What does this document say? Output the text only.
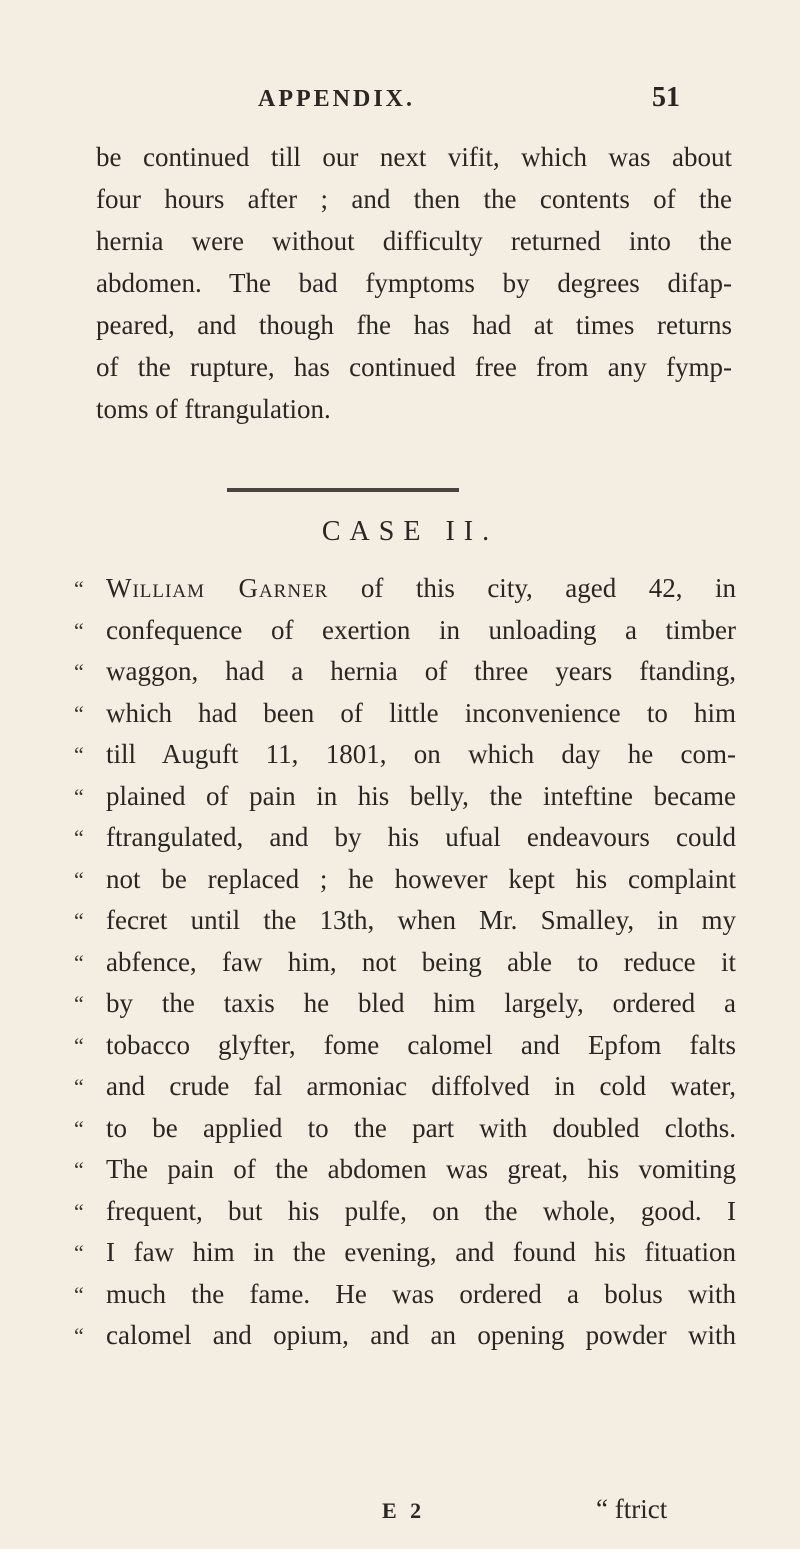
APPENDIX.	51
be continued till our next vifit, which was about
four hours after ; and then the contents of the
hernia were without difficulty returned into the
abdomen. The bad fymptoms by degrees difap-
peared, and though fhe has had at times returns
of the rupture, has continued free from any fymp-
toms of ftrangulation.
CASE II.
“ William Garner of this city, aged 42, in
“ confequence of exertion in unloading a timber
“ waggon, had a hernia of three years ftanding,
“ which had been of little inconvenience to him
“ till Auguft 11, 1801, on which day he com-
“ plained of pain in his belly, the inteftine became
“ ftrangulated, and by his ufual endeavours could
“ not be replaced ; he however kept his complaint
“ fecret until the 13th, when Mr. Smalley, in my
“ abfence, faw him, not being able to reduce it
“ by the taxis he bled him largely, ordered a
“ tobacco glyfter, fome calomel and Epfom falts
“ and crude fal armoniac diffolved in cold water,
“ to be applied to the part with doubled cloths.
“ The pain of the abdomen was great, his vomiting
“ frequent, but his pulfe, on the whole, good. I
“ I faw him in the evening, and found his fituation
“ much the fame. He was ordered a bolus with
“ calomel and opium, and an opening powder with
E 2	“ ftrict
